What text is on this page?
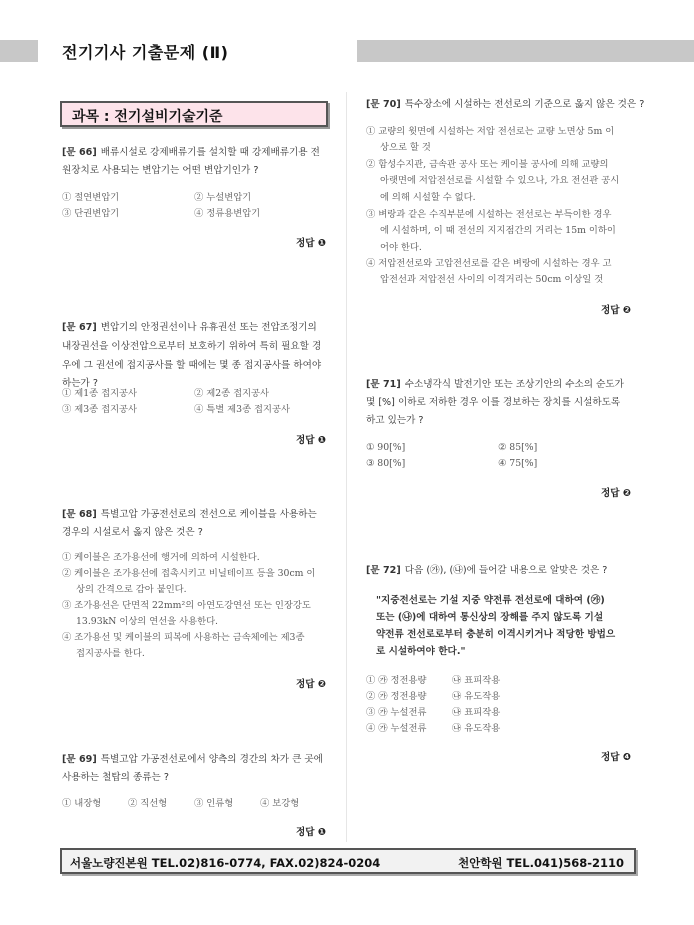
전기기사 기출문제 (Ⅱ)
과목 : 전기설비기술기준
[문 66] 배류시설로 강제배류기를 설치할 때 강제배류기용 전
원장치로 사용되는 변압기는 어떤 변압기인가 ?
① 절연변압기	② 누설변압기
③ 단권변압기	④ 정류용변압기
정답 ❶
[문 67] 변압기의 안정권선이나 유휴권선 또는 전압조정기의
내장권선을 이상전압으로부터 보호하기 위하여 특히 필요할 경
우에 그 권선에 접지공사를 할 때에는 몇 종 접지공사를 하여야
하는가 ?
① 제1종 접지공사	② 제2종 접지공사
③ 제3종 접지공사	④ 특별 제3종 접지공사
정답 ❶
[문 68] 특별고압 가공전선로의 전선으로 케이블을 사용하는
경우의 시설로서 옳지 않은 것은 ?
① 케이블은 조가용선에 행거에 의하여 시설한다.
② 케이블은 조가용선에 접촉시키고 비닐테이프 등을 30cm 이
상의 간격으로 감아 붙인다.
③ 조가용선은 단면적 22mm²의 아연도강연선 또는 인장강도
13.93kN 이상의 연선을 사용한다.
④ 조가용선 및 케이블의 피복에 사용하는 금속체에는 제3종
접지공사를 한다.
정답 ❷
[문 69] 특별고압 가공전선로에서 양측의 경간의 차가 큰 곳에
사용하는 철탑의 종류는 ?
① 내장형	② 직선형	③ 인류형	④ 보강형
정답 ❶
[문 70] 특수장소에 시설하는 전선로의 기준으로 옳지 않은 것은 ?
① 교량의 윗면에 시설하는 저압 전선로는 교량 노면상 5m 이
상으로 할 것
② 함성수지관, 금속관 공사 또는 케이블 공사에 의해 교량의
아랫면에 저압전선로를 시설할 수 있으나, 가요 전선관 공시
에 의해 시설할 수 없다.
③ 벼랑과 같은 수직부분에 시설하는 전선로는 부득이한 경우
에 시설하며, 이 때 전선의 지지점간의 거리는 15m 이하이
어야 한다.
④ 저압전선로와 고압전선로를 같은 벼랑에 시설하는 경우 고
압전선과 저압전선 사이의 이격거리는 50cm 이상일 것
정답 ❷
[문 71] 수소냉각식 발전기안 또는 조상기안의 수소의 순도가
몇 [%] 이하로 저하한 경우 이를 경보하는 장치를 시설하도록
하고 있는가 ?
① 90[%]	② 85[%]
③ 80[%]	④ 75[%]
정답 ❷
[문 72] 다음 (㉮), (㉯)에 들어갈 내용으로 알맞은 것은 ?
"지중전선로는 기설 지중 약전류 전선로에 대하여 (㉮)
또는 (㉯)에 대하여 통신상의 장해를 주지 않도록 기설
약전류 전선로로부터 충분히 이격시키거나 적당한 방법으
로 시설하여야 한다."
① ㉮ 정전용량	㉯ 표피작용
② ㉮ 정전용량	㉯ 유도작용
③ ㉮ 누설전류	㉯ 표피작용
④ ㉮ 누설전류	㉯ 유도작용
정답 ❹
서울노량진본원 TEL.02)816-0774, FAX.02)824-0204	천안학원 TEL.041)568-2110
